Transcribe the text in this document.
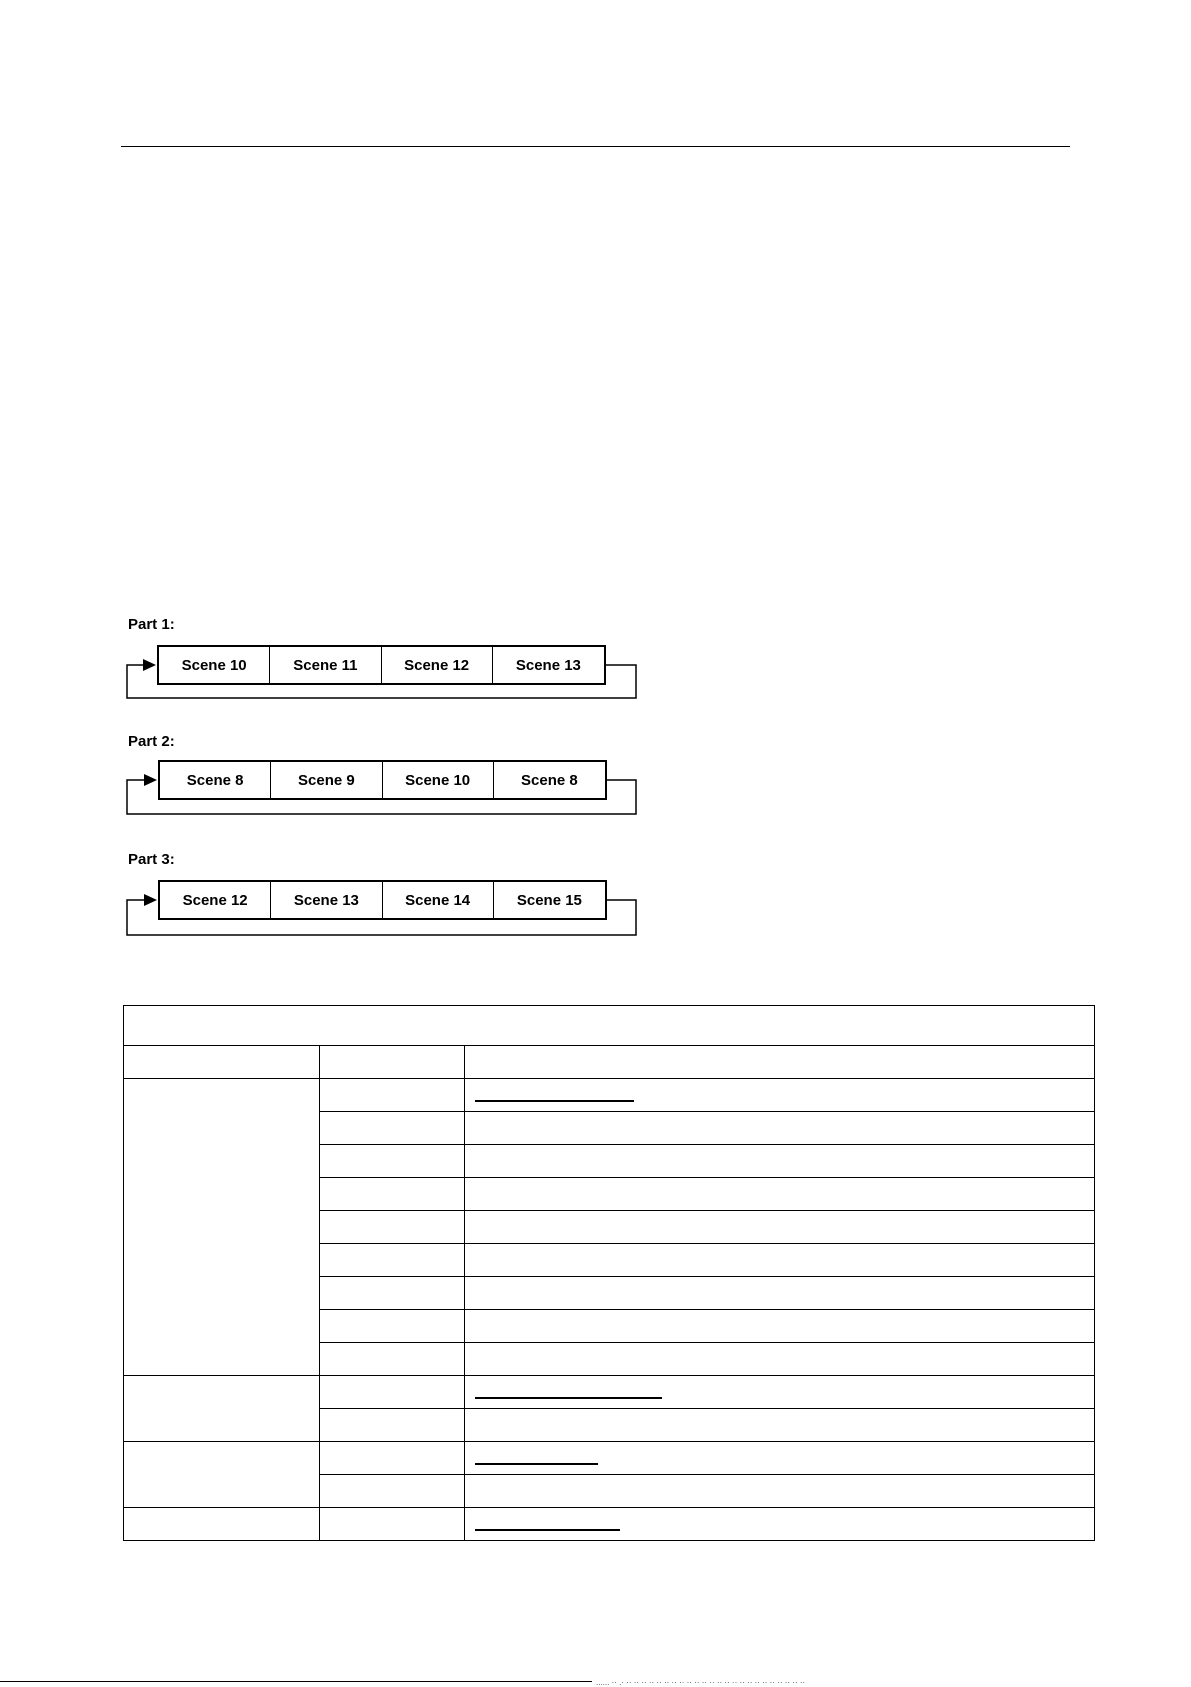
Part 1:
Scene 10	Scene 11	Scene 12	Scene 13
Part 2:
Scene 8	Scene 9	Scene 10	Scene 8
Part 3:
Scene 12	Scene 13	Scene 14	Scene 15

...... ·· .· ·· ·· ·· ·· ·· ·· ·· ·· ·· ·· ·· ·· ·· ·· ·· ·· ·· ·· ·· ·· ·· ·· ·· ··
